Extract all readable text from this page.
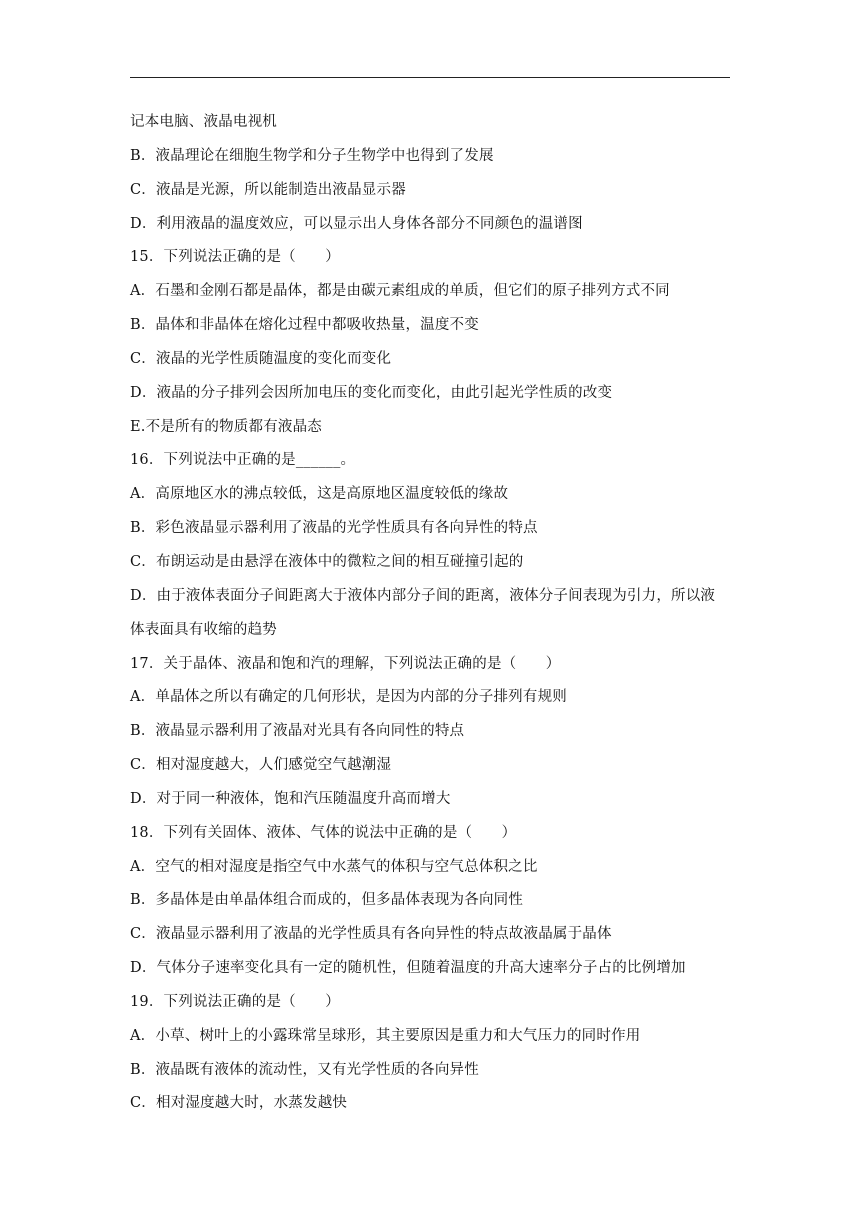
记本电脑、液晶电视机
B．液晶理论在细胞生物学和分子生物学中也得到了发展
C．液晶是光源，所以能制造出液晶显示器
D．利用液晶的温度效应，可以显示出人身体各部分不同颜色的温谱图
15．下列说法正确的是（　　）
A．石墨和金刚石都是晶体，都是由碳元素组成的单质，但它们的原子排列方式不同
B．晶体和非晶体在熔化过程中都吸收热量，温度不变
C．液晶的光学性质随温度的变化而变化
D．液晶的分子排列会因所加电压的变化而变化，由此引起光学性质的改变
E.不是所有的物质都有液晶态
16．下列说法中正确的是______。
A．高原地区水的沸点较低，这是高原地区温度较低的缘故
B．彩色液晶显示器利用了液晶的光学性质具有各向异性的特点
C．布朗运动是由悬浮在液体中的微粒之间的相互碰撞引起的
D．由于液体表面分子间距离大于液体内部分子间的距离，液体分子间表现为引力，所以液
体表面具有收缩的趋势
17．关于晶体、液晶和饱和汽的理解，下列说法正确的是（　　）
A．单晶体之所以有确定的几何形状，是因为内部的分子排列有规则
B．液晶显示器利用了液晶对光具有各向同性的特点
C．相对湿度越大，人们感觉空气越潮湿
D．对于同一种液体，饱和汽压随温度升高而增大
18．下列有关固体、液体、气体的说法中正确的是（　　）
A．空气的相对湿度是指空气中水蒸气的体积与空气总体积之比
B．多晶体是由单晶体组合而成的，但多晶体表现为各向同性
C．液晶显示器利用了液晶的光学性质具有各向异性的特点故液晶属于晶体
D．气体分子速率变化具有一定的随机性，但随着温度的升高大速率分子占的比例增加
19．下列说法正确的是（　　）
A．小草、树叶上的小露珠常呈球形，其主要原因是重力和大气压力的同时作用
B．液晶既有液体的流动性，又有光学性质的各向异性
C．相对湿度越大时，水蒸发越快
